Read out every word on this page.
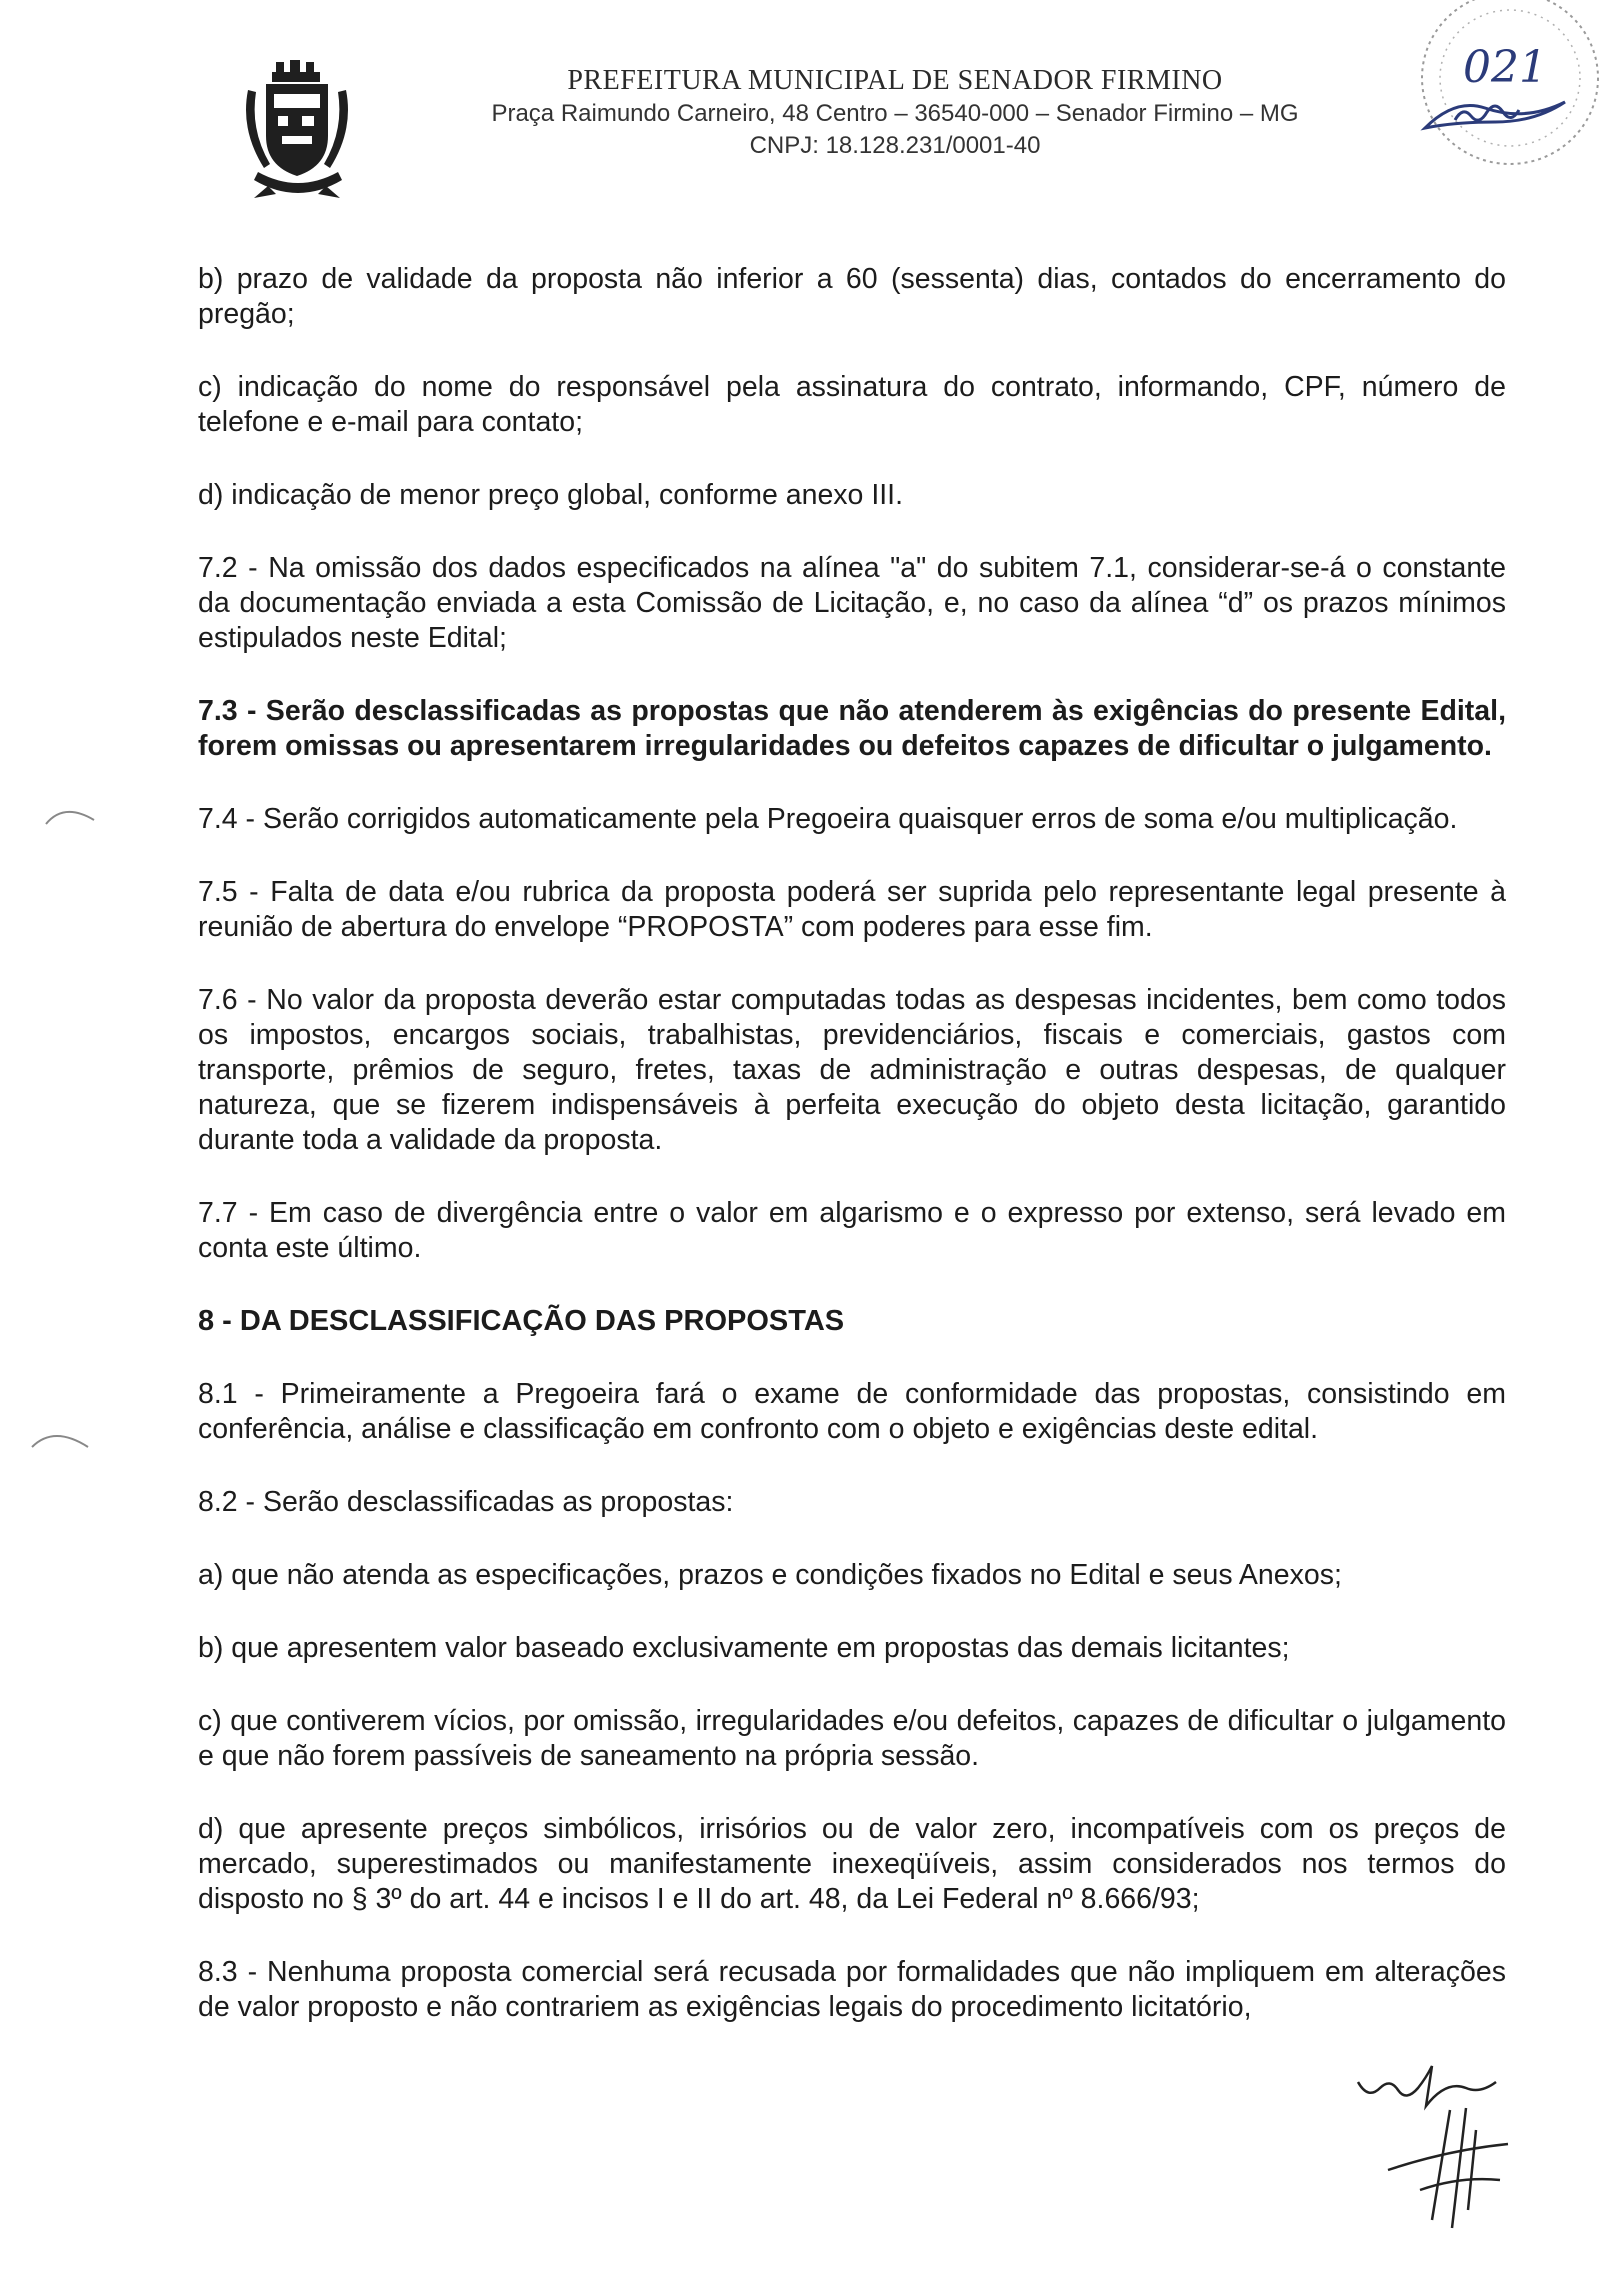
PREFEITURA MUNICIPAL DE SENADOR FIRMINO
Praça Raimundo Carneiro, 48 Centro – 36540-000 – Senador Firmino – MG
CNPJ: 18.128.231/0001-40
021

b) prazo de validade da proposta não inferior a 60 (sessenta) dias, contados do encerramento do pregão;

c) indicação do nome do responsável pela assinatura do contrato, informando, CPF, número de telefone e e-mail para contato;

d) indicação de menor preço global, conforme anexo III.

7.2 - Na omissão dos dados especificados na alínea "a" do subitem 7.1, considerar-se-á o constante da documentação enviada a esta Comissão de Licitação, e, no caso da alínea “d” os prazos mínimos estipulados neste Edital;

7.3 - Serão desclassificadas as propostas que não atenderem às exigências do presente Edital, forem omissas ou apresentarem irregularidades ou defeitos capazes de dificultar o julgamento.

7.4 - Serão corrigidos automaticamente pela Pregoeira quaisquer erros de soma e/ou multiplicação.

7.5 - Falta de data e/ou rubrica da proposta poderá ser suprida pelo representante legal presente à reunião de abertura do envelope “PROPOSTA” com poderes para esse fim.

7.6 - No valor da proposta deverão estar computadas todas as despesas incidentes, bem como todos os impostos, encargos sociais, trabalhistas, previdenciários, fiscais e comerciais, gastos com transporte, prêmios de seguro, fretes, taxas de administração e outras despesas, de qualquer natureza, que se fizerem indispensáveis à perfeita execução do objeto desta licitação, garantido durante toda a validade da proposta.

7.7 - Em caso de divergência entre o valor em algarismo e o expresso por extenso, será levado em conta este último.

8 - DA DESCLASSIFICAÇÃO DAS PROPOSTAS

8.1 - Primeiramente a Pregoeira fará o exame de conformidade das propostas, consistindo em conferência, análise e classificação em confronto com o objeto e exigências deste edital.

8.2 - Serão desclassificadas as propostas:

a) que não atenda as especificações, prazos e condições fixados no Edital e seus Anexos;

b) que apresentem valor baseado exclusivamente em propostas das demais licitantes;

c) que contiverem vícios, por omissão, irregularidades e/ou defeitos, capazes de dificultar o julgamento e que não forem passíveis de saneamento na própria sessão.

d) que apresente preços simbólicos, irrisórios ou de valor zero, incompatíveis com os preços de mercado, superestimados ou manifestamente inexeqüíveis, assim considerados nos termos do disposto no § 3º do art. 44 e incisos I e II do art. 48, da Lei Federal nº 8.666/93;

8.3 - Nenhuma proposta comercial será recusada por formalidades que não impliquem em alterações de valor proposto e não contrariem as exigências legais do procedimento licitatório,
